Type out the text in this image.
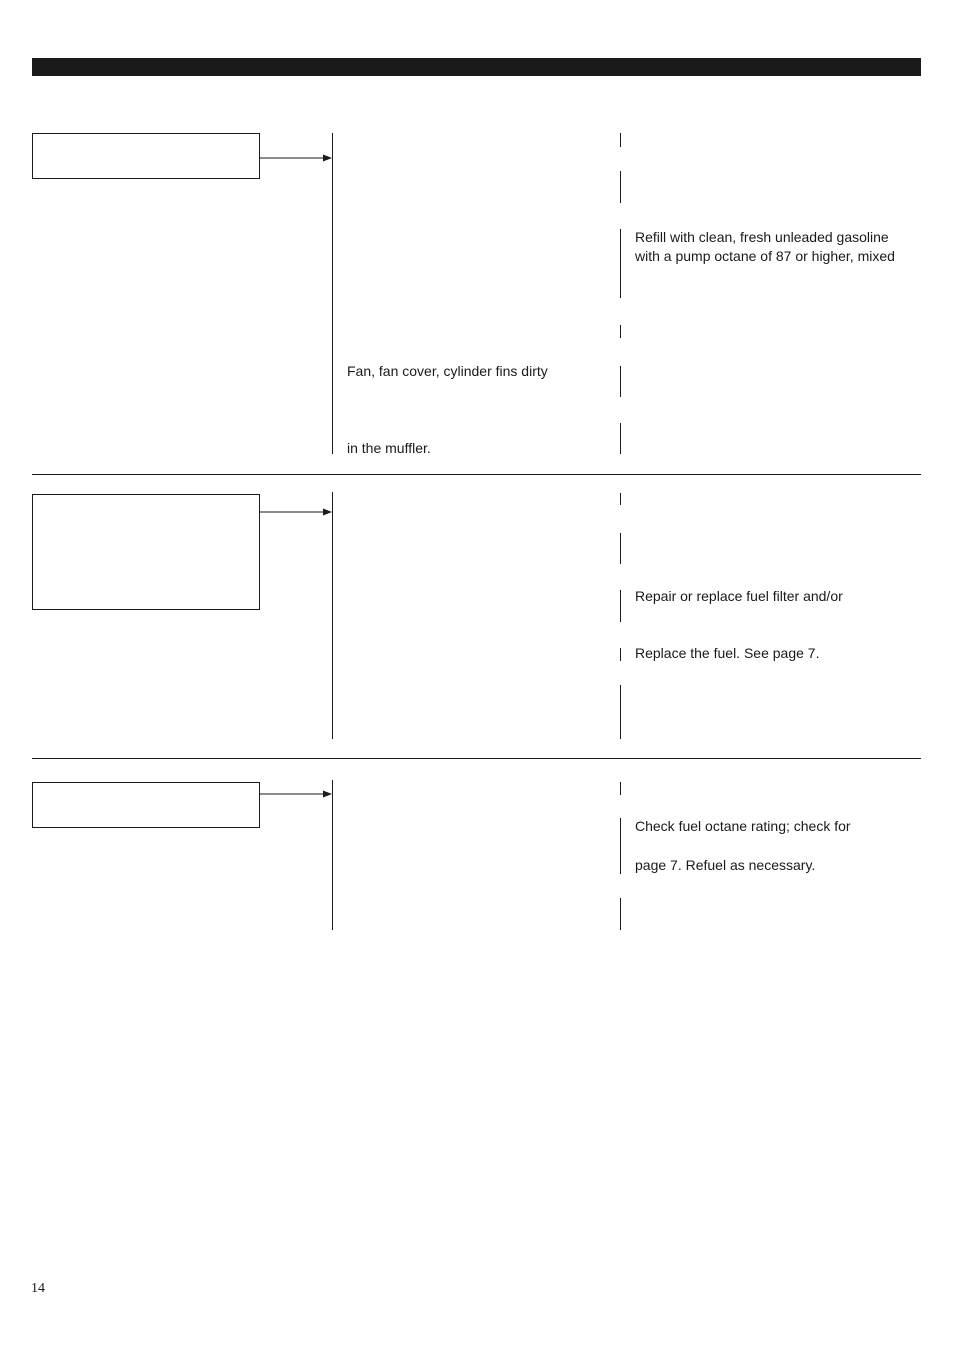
Refill with clean, fresh unleaded gasoline
with a pump octane of 87 or higher, mixed
Fan, fan cover, cylinder fins dirty
in the muffler.
Repair or replace fuel filter and/or
Replace the fuel. See page 7.
Check fuel octane rating; check for
page 7. Refuel as necessary.
14
